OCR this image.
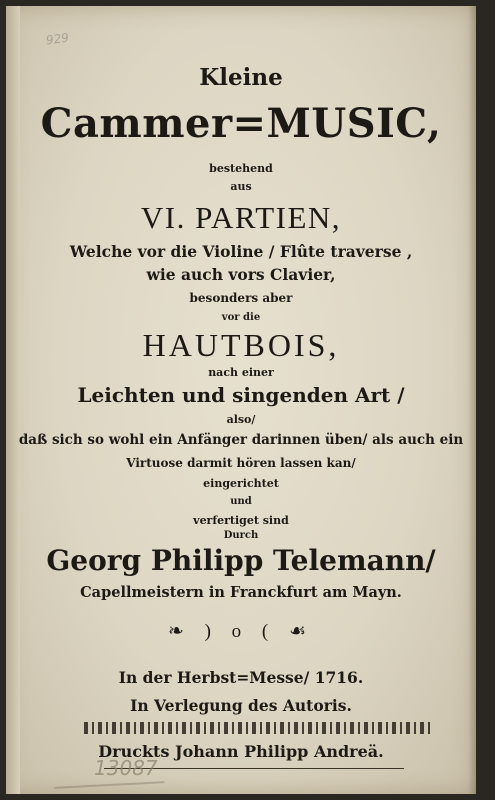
929
Kleine
Cammer=MUSIC,
bestehend
aus
VI. PARTIEN,
Welche vor die Violine / Flûte traverse ,
wie auch vors Clavier,
besonders aber
vor die
HAUTBOIS,
nach einer
Leichten und singenden Art /
also/
daß sich so wohl ein Anfänger darinnen üben/ als auch ein
Virtuose darmit hören lassen kan/
eingerichtet
und
verfertiget sind
Durch
Georg Philipp Telemann/
Capellmeistern in Franckfurt am Mayn.
❧ ) o ( ☙
In der Herbst=Messe/ 1716.
In Verlegung des Autoris.
Druckts Johann Philipp Andreä.
13087
